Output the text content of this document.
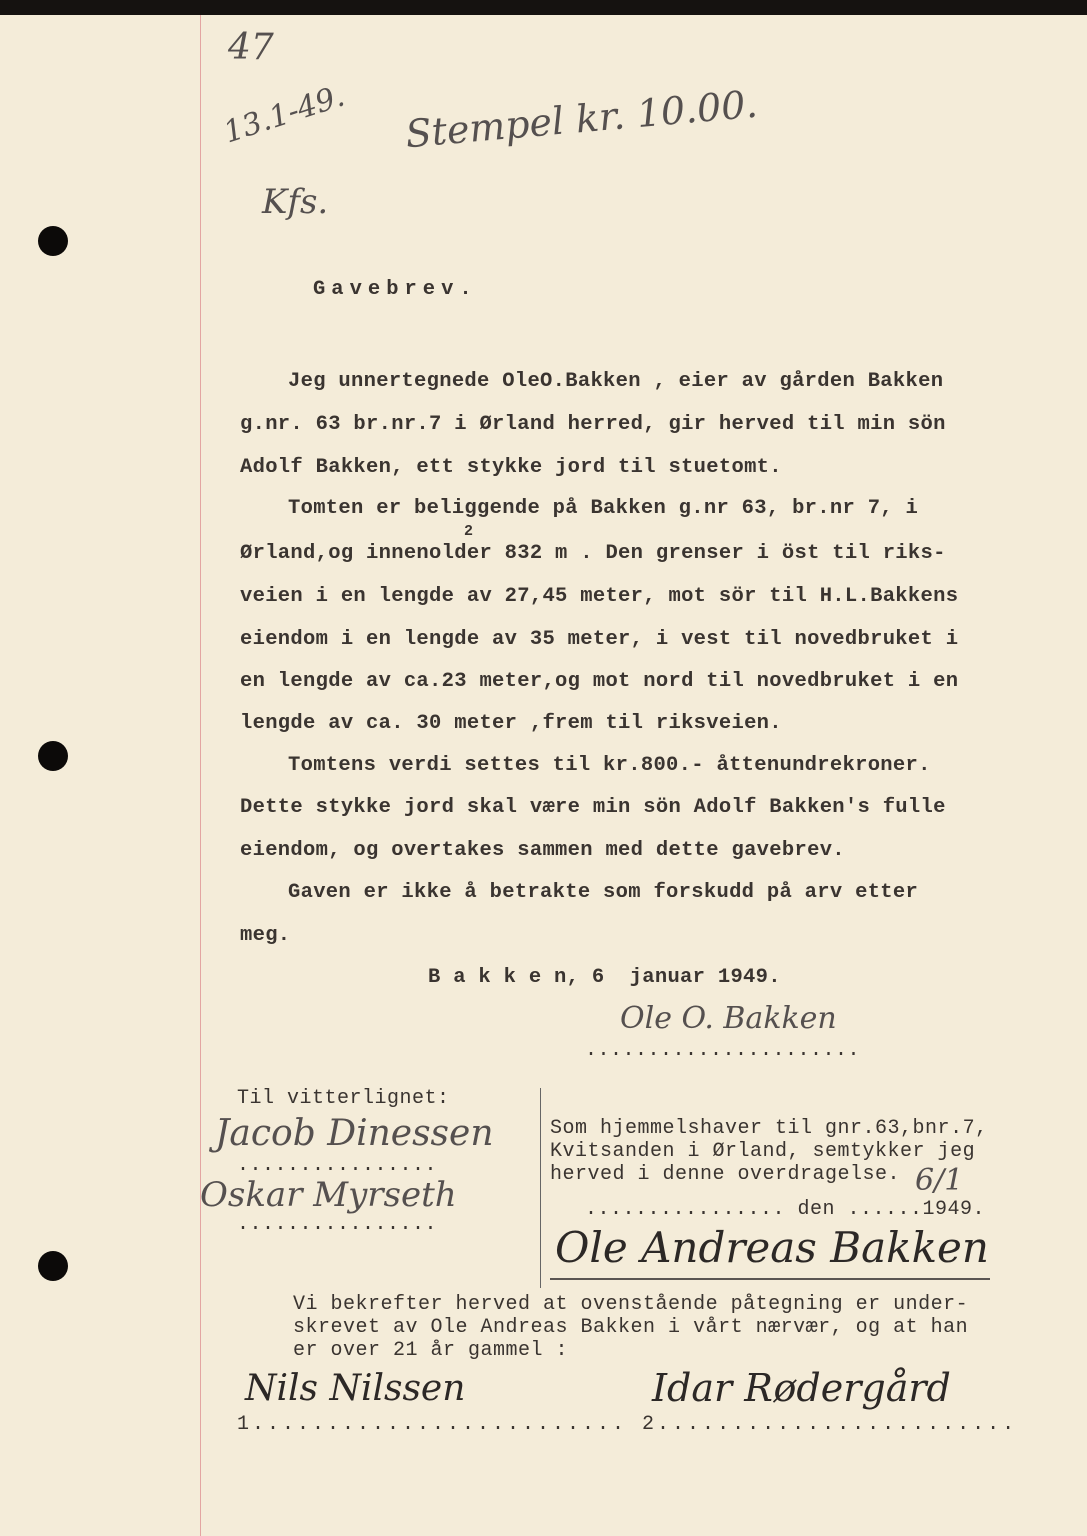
47
13.1-49.
Kfs.
Stempel kr. 10.00.
Gavebrev.
Jeg unnertegnede OleO.Bakken , eier av gården Bakken
g.nr. 63 br.nr.7 i Ørland herred, gir herved til min sön
Adolf Bakken, ett stykke jord til stuetomt.
Tomten er beliggende på Bakken g.nr 63, br.nr 7, i
2
Ørland,og innenolder 832 m . Den grenser i öst til riks-
veien i en lengde av 27,45 meter, mot sör til H.L.Bakkens
eiendom i en lengde av 35 meter, i vest til novedbruket i
en lengde av ca.23 meter,og mot nord til novedbruket i en
lengde av ca. 30 meter ,frem til riksveien.
Tomtens verdi settes til kr.800.- åttenundrekroner.
Dette stykke jord skal være min sön Adolf Bakken's fulle
eiendom, og overtakes sammen med dette gavebrev.
Gaven er ikke å betrakte som forskudd på arv etter
meg.
B a k k e n, 6  januar 1949.
Ole O. Bakken
......................
Til vitterlignet:
Jacob Dinessen
................
Oskar Myrseth
................
Som hjemmelshaver til gnr.63,bnr.7,
Kvitsanden i Ørland, semtykker jeg
herved i denne overdragelse. 6/1
................ den ......1949.
Ole Andreas Bakken
Vi bekrefter herved at ovenstående påtegning er under-
skrevet av Ole Andreas Bakken i vårt nærvær, og at han
er over 21 år gammel :
Nils Nilssen	Idar Rødergård
1......................... 2........................
